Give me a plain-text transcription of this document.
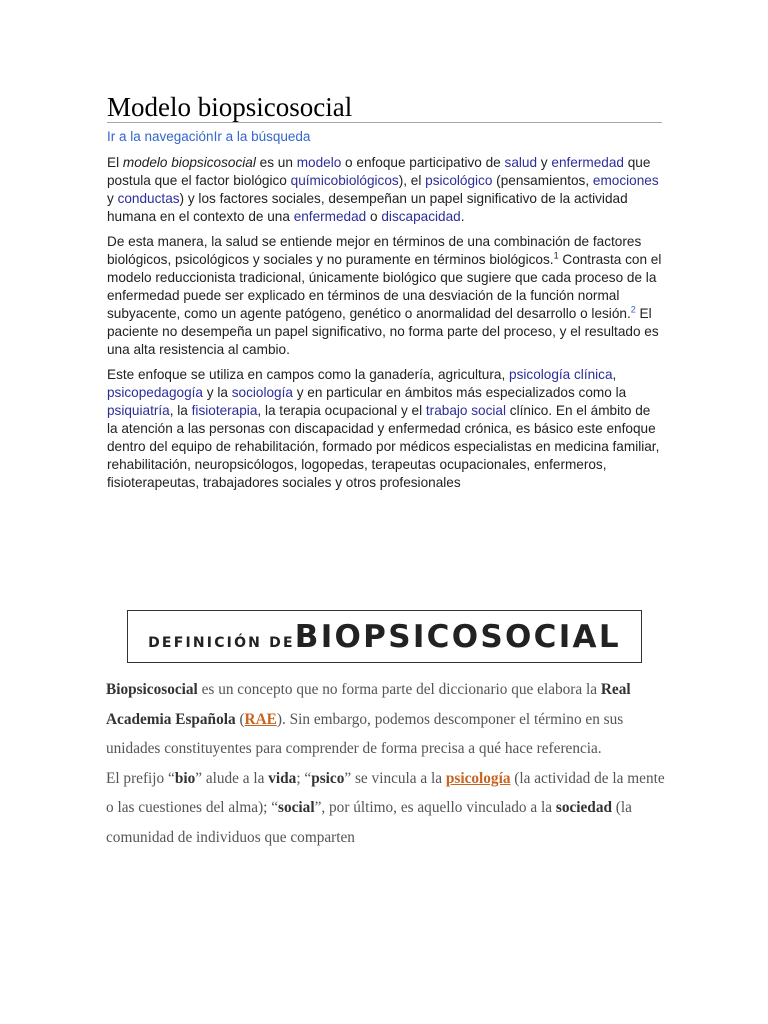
Modelo biopsicosocial
Ir a la navegaciónIr a la búsqueda

El modelo biopsicosocial es un modelo o enfoque participativo de salud y enfermedad que postula que el factor biológico químicobiológicos), el psicológico (pensamientos, emociones y conductas) y los factores sociales, desempeñan un papel significativo de la actividad humana en el contexto de una enfermedad o discapacidad.

De esta manera, la salud se entiende mejor en términos de una combinación de factores biológicos, psicológicos y sociales y no puramente en términos biológicos.$^1$ Contrasta con el modelo reduccionista tradicional, únicamente biológico que sugiere que cada proceso de la enfermedad puede ser explicado en términos de una desviación de la función normal subyacente, como un agente patógeno, genético o anormalidad del desarrollo o lesión.$^2$ El paciente no desempeña un papel significativo, no forma parte del proceso, y el resultado es una alta resistencia al cambio.

Este enfoque se utiliza en campos como la ganadería, agricultura, psicología clínica, psicopedagogía y la sociología y en particular en ámbitos más especializados como la psiquiatría, la fisioterapia, la terapia ocupacional y el trabajo social clínico. En el ámbito de la atención a las personas con discapacidad y enfermedad crónica, es básico este enfoque dentro del equipo de rehabilitación, formado por médicos especialistas en medicina familiar, rehabilitación, neuropsicólogos, logopedas, terapeutas ocupacionales, enfermeros, fisioterapeutas, trabajadores sociales y otros profesionales

DEFINICIÓN DE BIOPSICOSOCIAL

Biopsicosocial es un concepto que no forma parte del diccionario que elabora la Real Academia Española (RAE). Sin embargo, podemos descomponer el término en sus unidades constituyentes para comprender de forma precisa a qué hace referencia.

El prefijo “bio” alude a la vida; “psico” se vincula a la psicología (la actividad de la mente o las cuestiones del alma); “social”, por último, es aquello vinculado a la sociedad (la comunidad de individuos que comparten
